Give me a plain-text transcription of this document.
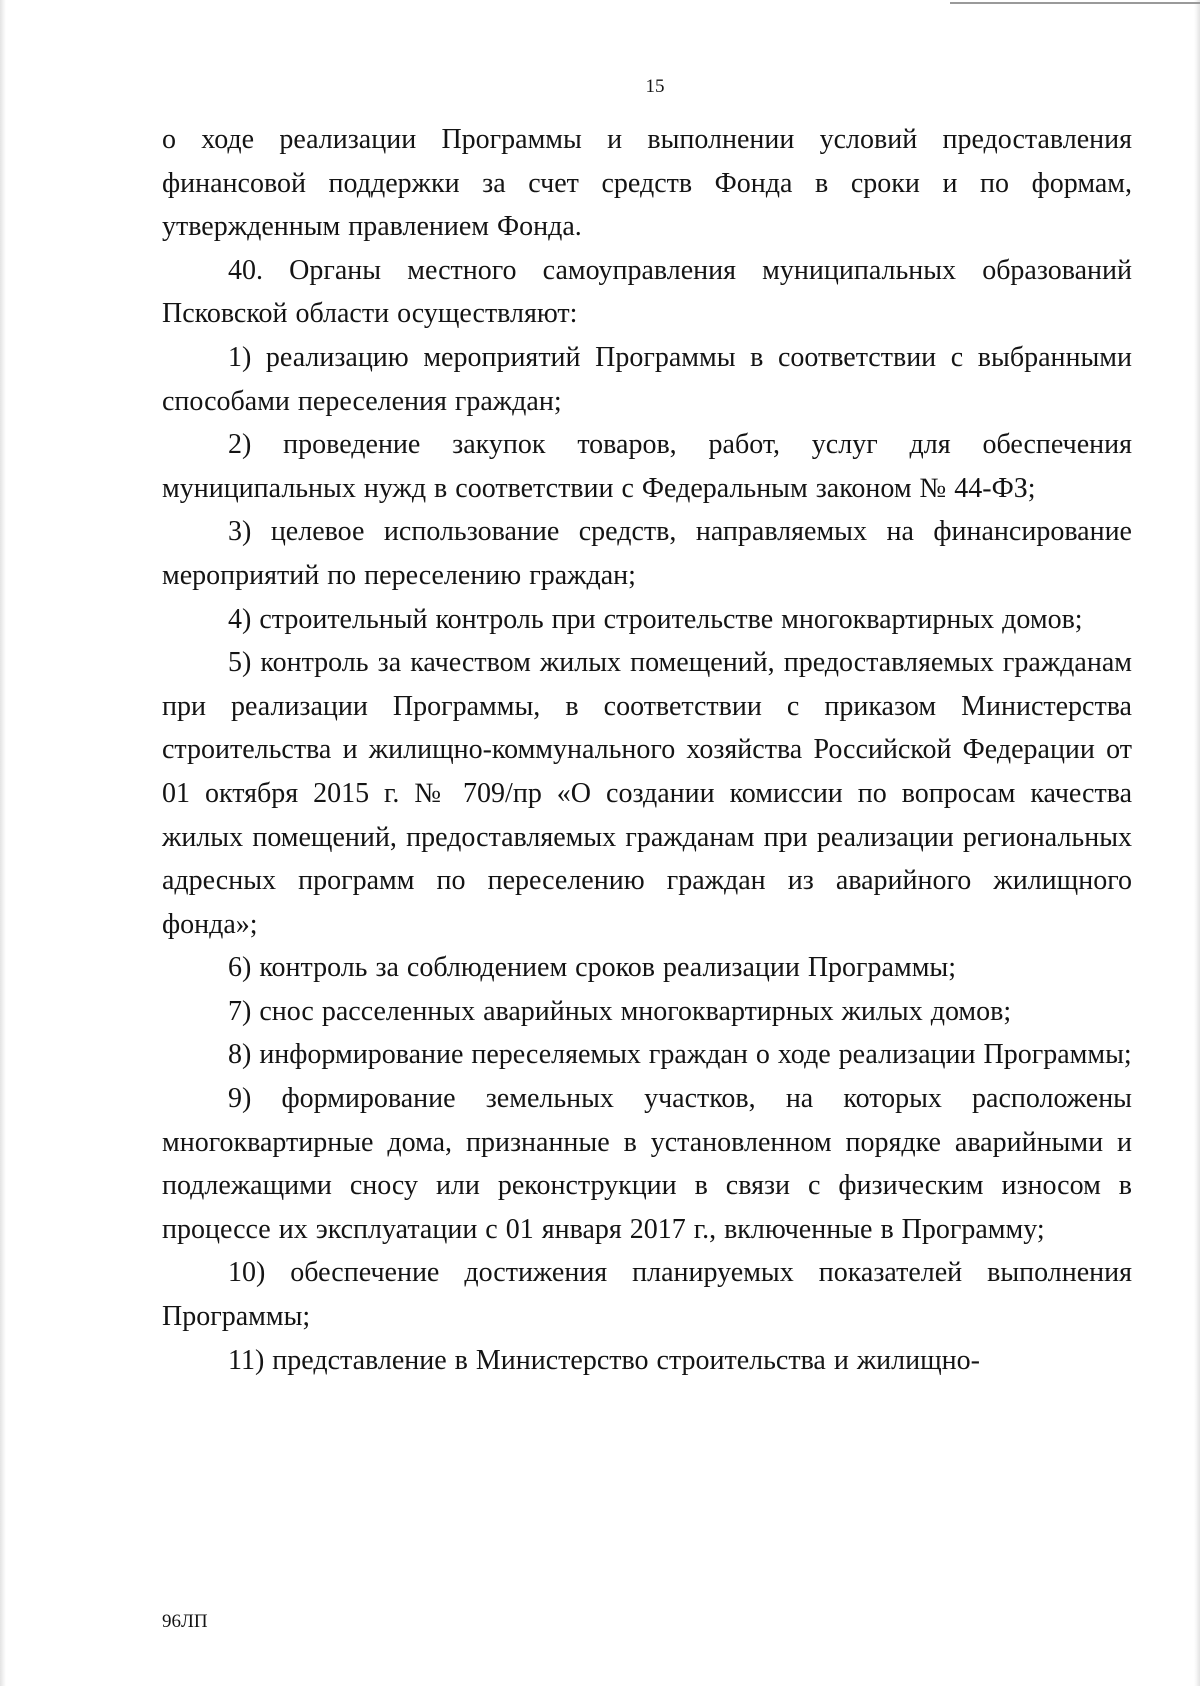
15

о ходе реализации Программы и выполнении условий предоставления финансовой поддержки за счет средств Фонда в сроки и по формам, утвержденным правлением Фонда.

40. Органы местного самоуправления муниципальных образований Псковской области осуществляют:

1) реализацию мероприятий Программы в соответствии с выбранными способами переселения граждан;

2) проведение закупок товаров, работ, услуг для обеспечения муниципальных нужд в соответствии с Федеральным законом № 44-ФЗ;

3) целевое использование средств, направляемых на финансирование мероприятий по переселению граждан;

4) строительный контроль при строительстве многоквартирных домов;

5) контроль за качеством жилых помещений, предоставляемых гражданам при реализации Программы, в соответствии с приказом Министерства строительства и жилищно-коммунального хозяйства Российской Федерации от 01 октября 2015 г. № 709/пр «О создании комиссии по вопросам качества жилых помещений, предоставляемых гражданам при реализации региональных адресных программ по переселению граждан из аварийного жилищного фонда»;

6) контроль за соблюдением сроков реализации Программы;

7) снос расселенных аварийных многоквартирных жилых домов;

8) информирование переселяемых граждан о ходе реализации Программы;

9) формирование земельных участков, на которых расположены многоквартирные дома, признанные в установленном порядке аварийными и подлежащими сносу или реконструкции в связи с физическим износом в процессе их эксплуатации с 01 января 2017 г., включенные в Программу;

10) обеспечение достижения планируемых показателей выполнения Программы;

11) представление в Министерство строительства и жилищно-

96ЛП
